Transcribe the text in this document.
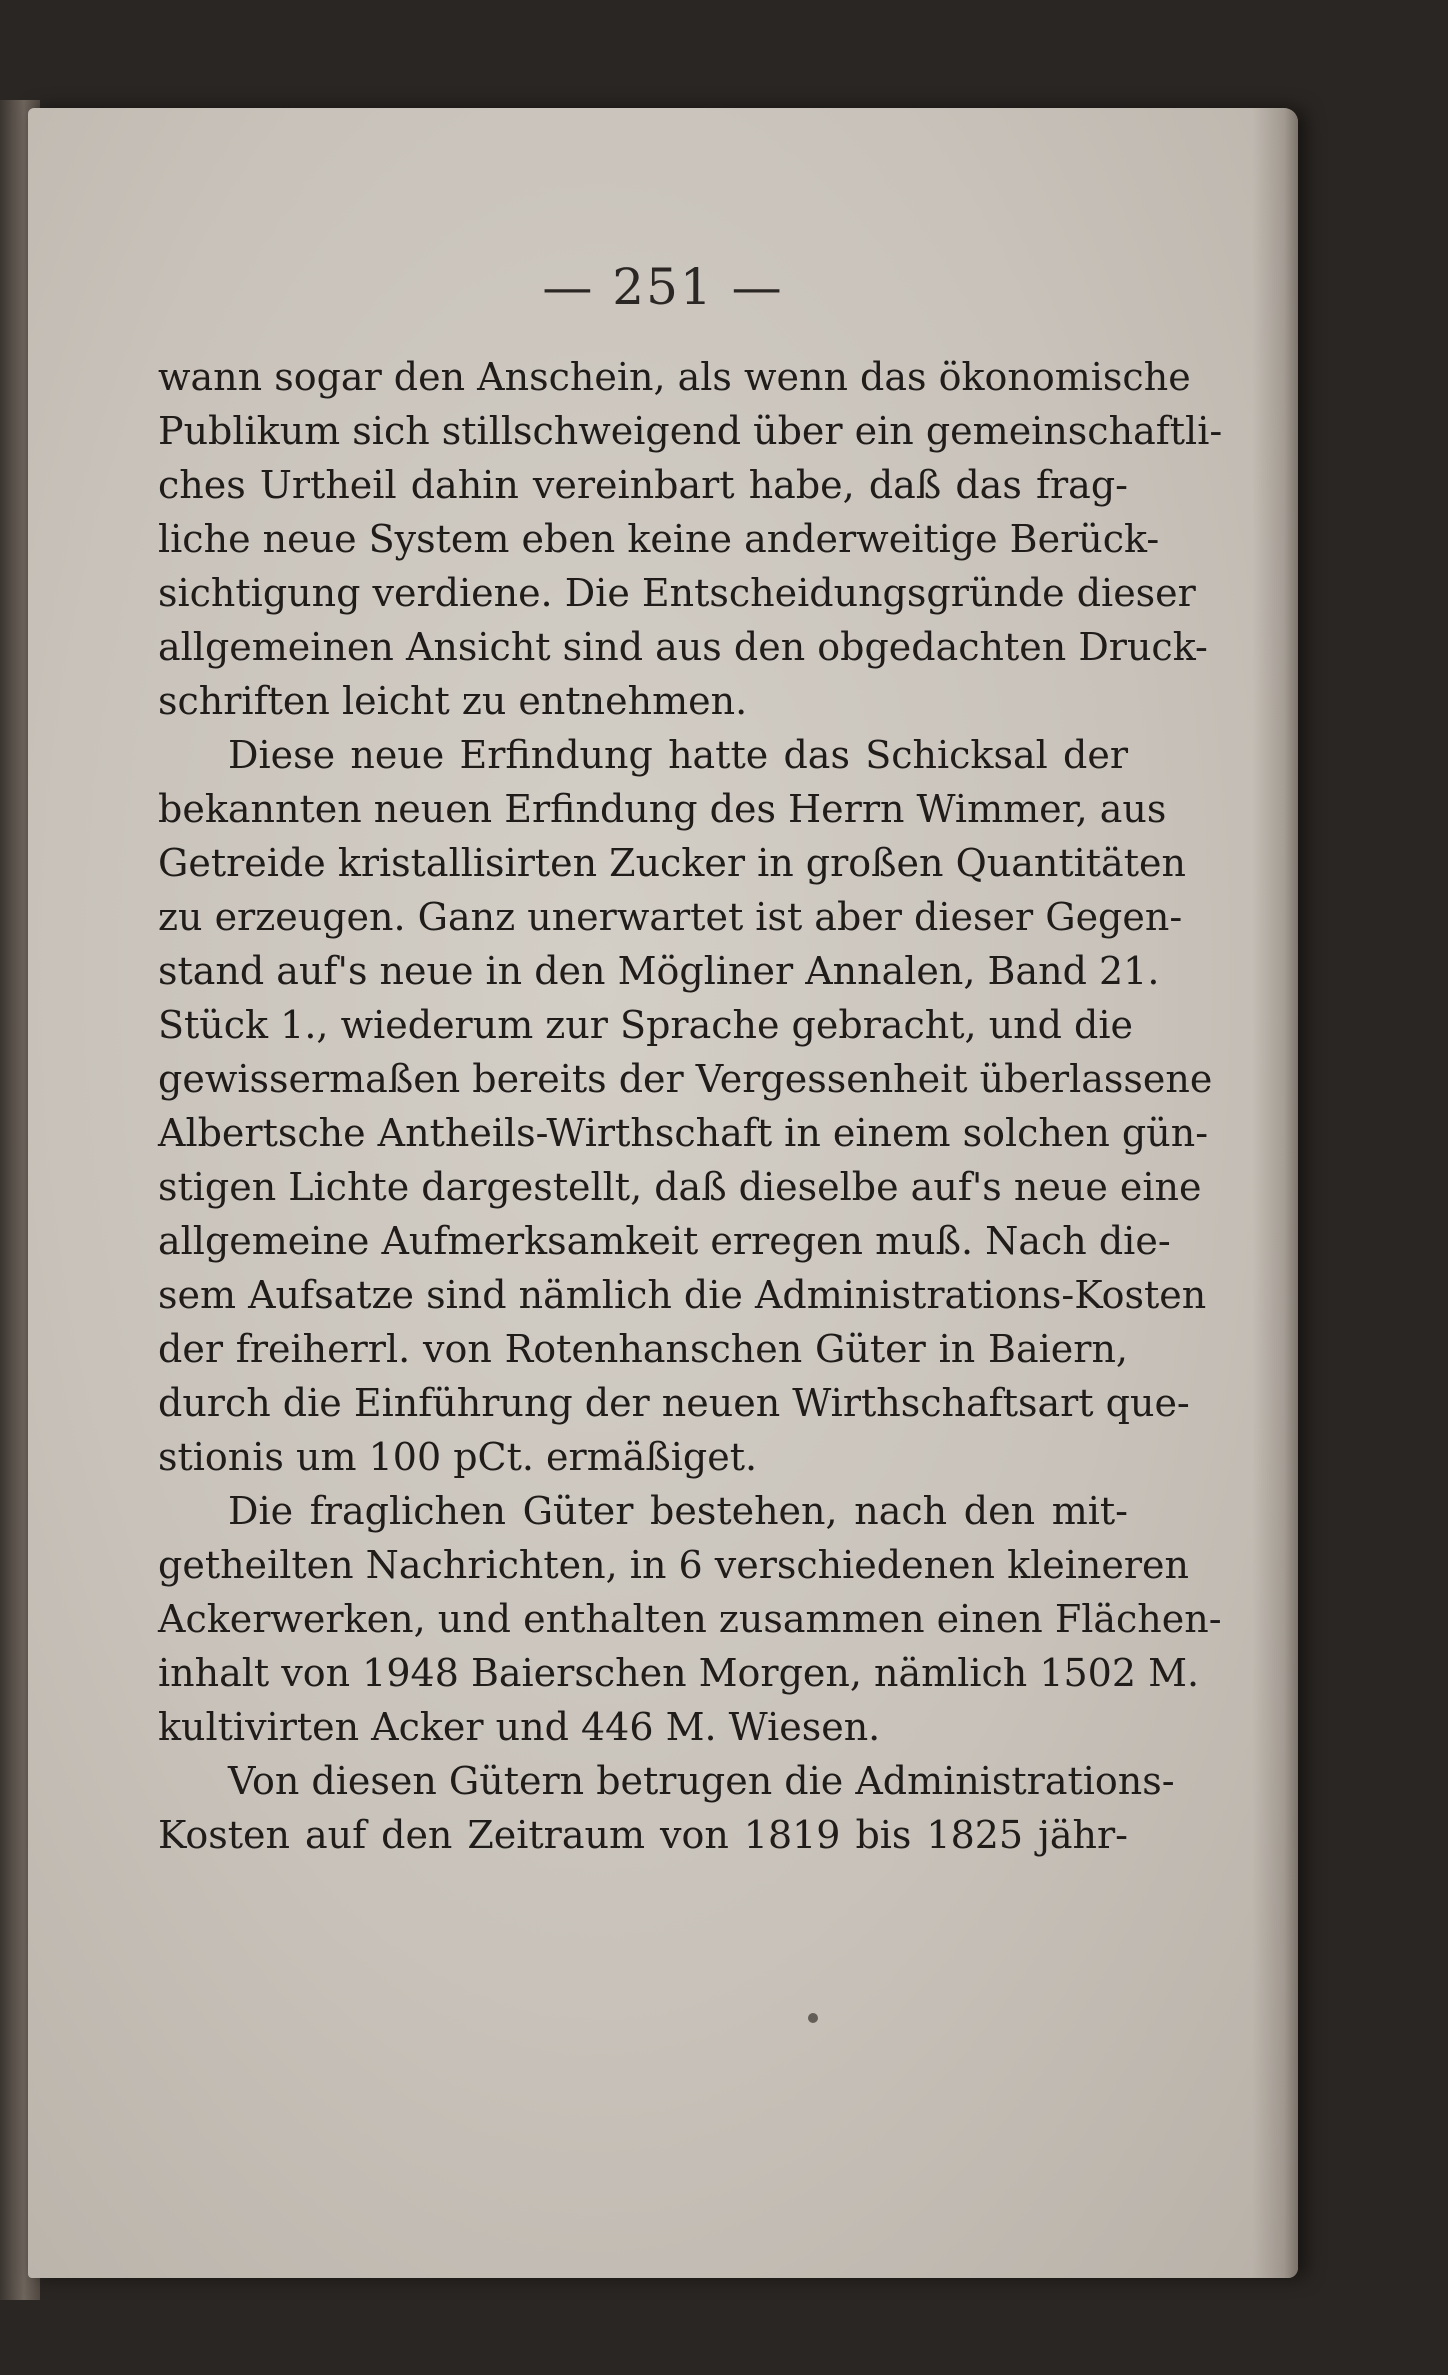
— 251 —
wann sogar den Anschein, als wenn das ökonomische
Publikum sich stillschweigend über ein gemeinschaftli-
ches Urtheil dahin vereinbart habe, daß das frag-
liche neue System eben keine anderweitige Berück-
sichtigung verdiene. Die Entscheidungsgründe dieser
allgemeinen Ansicht sind aus den obgedachten Druck-
schriften leicht zu entnehmen.
Diese neue Erfindung hatte das Schicksal der
bekannten neuen Erfindung des Herrn Wimmer, aus
Getreide kristallisirten Zucker in großen Quantitäten
zu erzeugen. Ganz unerwartet ist aber dieser Gegen-
stand auf's neue in den Mögliner Annalen, Band 21.
Stück 1., wiederum zur Sprache gebracht, und die
gewissermaßen bereits der Vergessenheit überlassene
Albertsche Antheils-Wirthschaft in einem solchen gün-
stigen Lichte dargestellt, daß dieselbe auf's neue eine
allgemeine Aufmerksamkeit erregen muß. Nach die-
sem Aufsatze sind nämlich die Administrations-Kosten
der freiherrl. von Rotenhanschen Güter in Baiern,
durch die Einführung der neuen Wirthschaftsart que-
stionis um 100 pCt. ermäßiget.
Die fraglichen Güter bestehen, nach den mit-
getheilten Nachrichten, in 6 verschiedenen kleineren
Ackerwerken, und enthalten zusammen einen Flächen-
inhalt von 1948 Baierschen Morgen, nämlich 1502 M.
kultivirten Acker und 446 M. Wiesen.
Von diesen Gütern betrugen die Administrations-
Kosten auf den Zeitraum von 1819 bis 1825 jähr-
